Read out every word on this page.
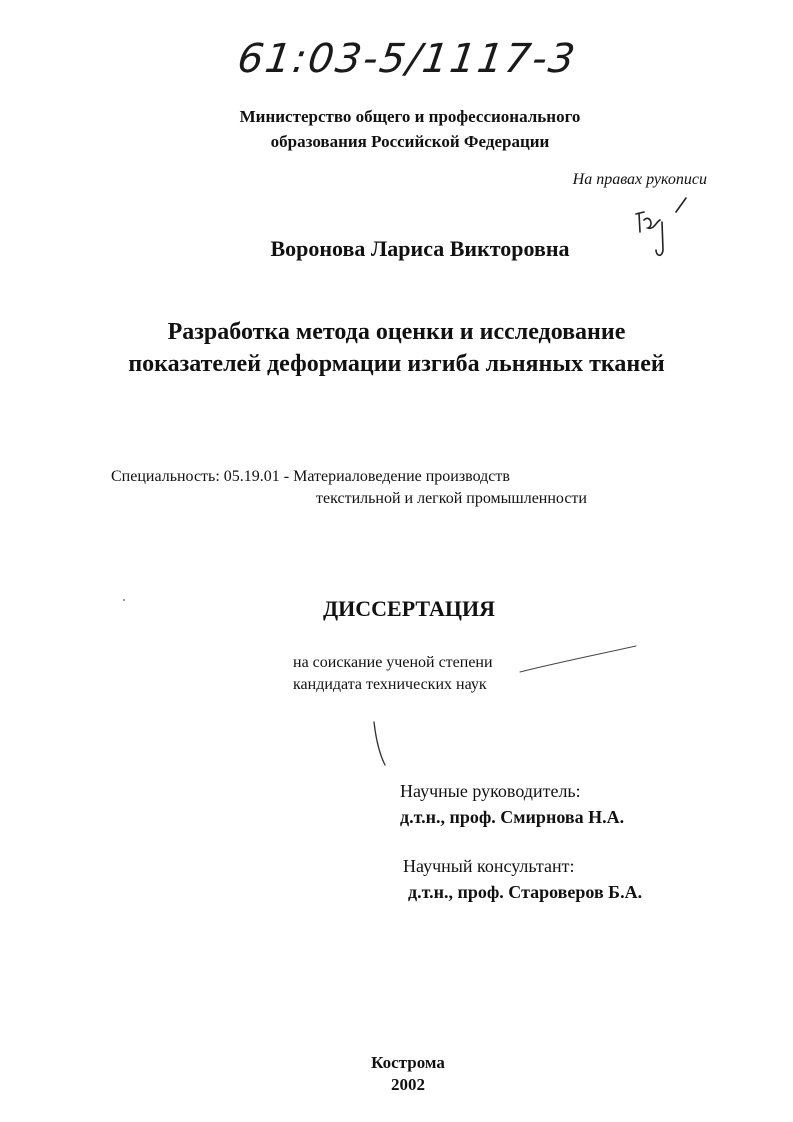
61:03-5/1117-3
Министерство общего и профессионального
образования Российской Федерации
На правах рукописи
Воронова Лариса Викторовна
Разработка метода оценки и исследование
показателей деформации изгиба льняных тканей
Специальность: 05.19.01 - Материаловедение производств
текстильной и легкой промышленности
ДИССЕРТАЦИЯ
на соискание ученой степени
кандидата технических наук
Научные руководитель:
д.т.н., проф. Смирнова Н.А.
Научный консультант:
д.т.н., проф. Староверов Б.А.
Кострома
2002
